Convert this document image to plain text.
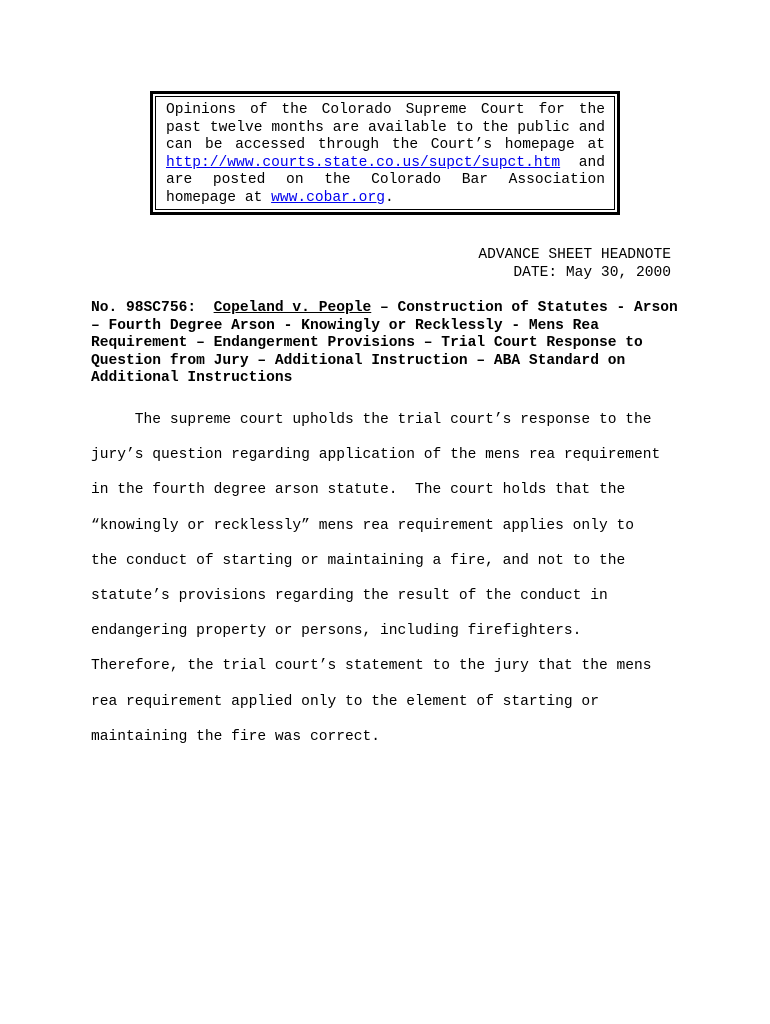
Opinions of the Colorado Supreme Court for the past twelve months are available to the public and can be accessed through the Court’s homepage at http://www.courts.state.co.us/supct/supct.htm and are posted on the Colorado Bar Association homepage at www.cobar.org.
ADVANCE SHEET HEADNOTE
DATE: May 30, 2000
No. 98SC756: Copeland v. People – Construction of Statutes - Arson – Fourth Degree Arson - Knowingly or Recklessly - Mens Rea Requirement – Endangerment Provisions – Trial Court Response to Question from Jury – Additional Instruction – ABA Standard on Additional Instructions
The supreme court upholds the trial court’s response to the
jury’s question regarding application of the mens rea requirement
in the fourth degree arson statute.  The court holds that the
“knowingly or recklessly” mens rea requirement applies only to
the conduct of starting or maintaining a fire, and not to the
statute’s provisions regarding the result of the conduct in
endangering property or persons, including firefighters.
Therefore, the trial court’s statement to the jury that the mens
rea requirement applied only to the element of starting or
maintaining the fire was correct.
